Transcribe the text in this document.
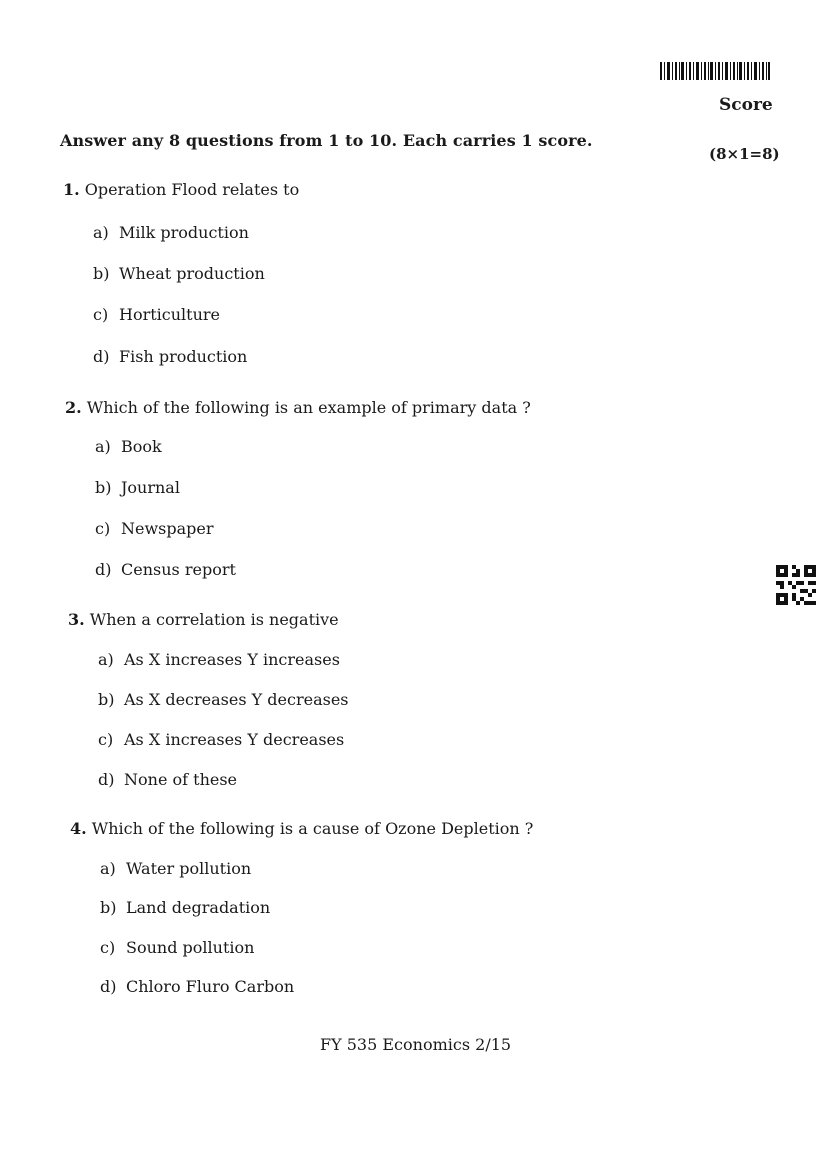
Score
Answer any 8 questions from 1 to 10. Each carries 1 score.
(8×1=8)
1. Operation Flood relates to
a) Milk production
b) Wheat production
c) Horticulture
d) Fish production
2. Which of the following is an example of primary data ?
a) Book
b) Journal
c) Newspaper
d) Census report
3. When a correlation is negative
a) As X increases Y increases
b) As X decreases Y decreases
c) As X increases Y decreases
d) None of these
4. Which of the following is a cause of Ozone Depletion ?
a) Water pollution
b) Land degradation
c) Sound pollution
d) Chloro Fluro Carbon
FY 535 Economics 2/15
